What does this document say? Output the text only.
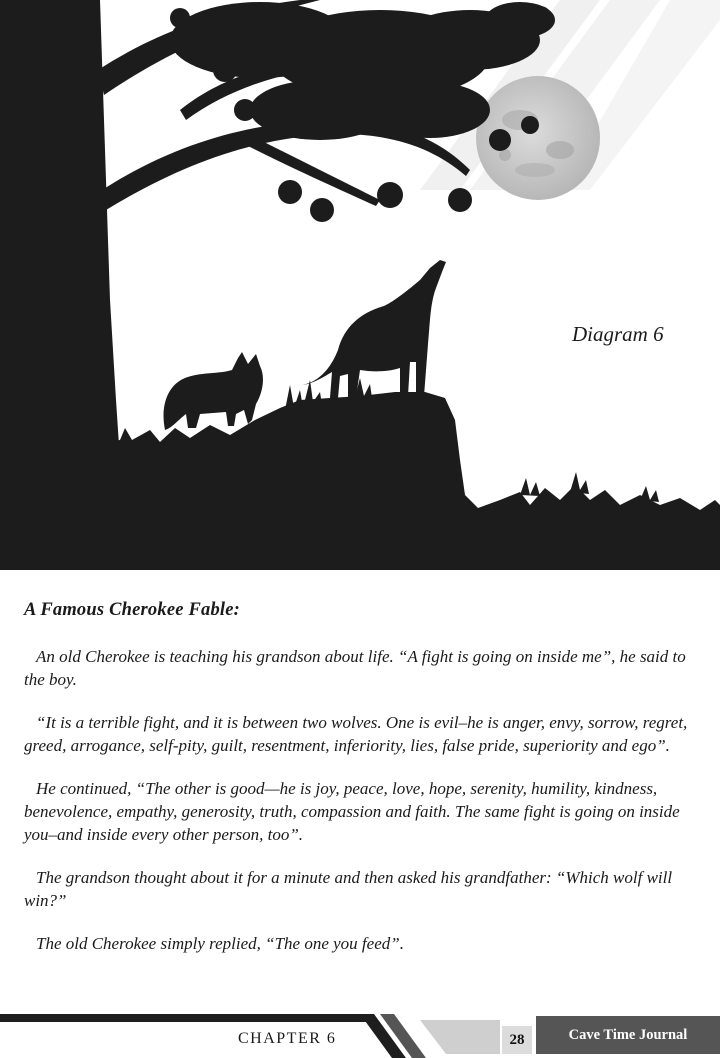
Diagram 6
A Famous Cherokee Fable:

An old Cherokee is teaching his grandson about life. “A fight is going on inside me”, he said to the boy.

“It is a terrible fight, and it is between two wolves. One is evil–he is anger, envy, sorrow, regret, greed, arrogance, self-pity, guilt, resentment, inferiority, lies, false pride, superiority and ego”.

He continued, “The other is good—he is joy, peace, love, hope, serenity, humility, kindness, benevolence, empathy, generosity, truth, compassion and faith. The same fight is going on inside you–and inside every other person, too”.

The grandson thought about it for a minute and then asked his grandfather: “Which wolf will win?”

The old Cherokee simply replied, “The one you feed”.

CHAPTER 6	28	Cave Time Journal
